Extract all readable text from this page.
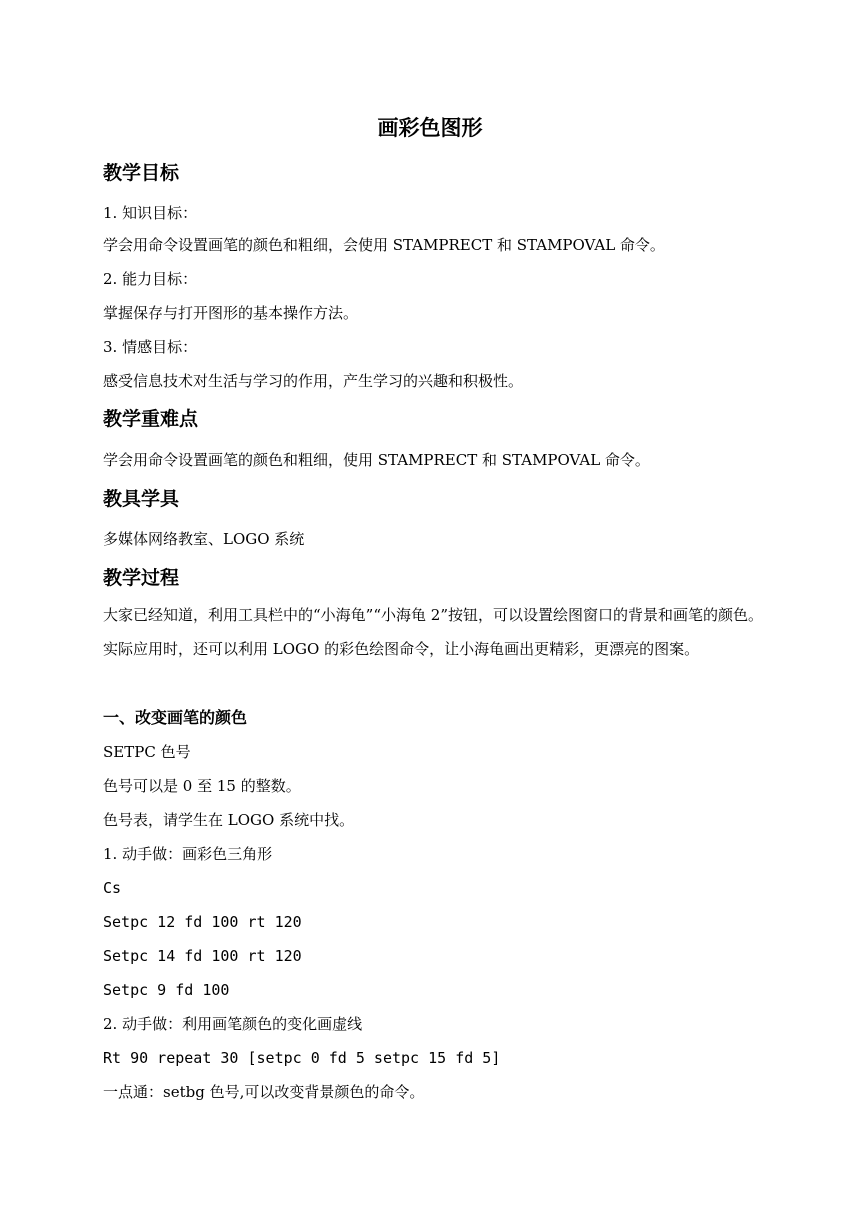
画彩色图形
教学目标
1. 知识目标：
学会用命令设置画笔的颜色和粗细，会使用 STAMPRECT 和 STAMPOVAL 命令。
2. 能力目标：
掌握保存与打开图形的基本操作方法。
3. 情感目标：
感受信息技术对生活与学习的作用，产生学习的兴趣和积极性。
教学重难点
学会用命令设置画笔的颜色和粗细，使用 STAMPRECT 和 STAMPOVAL 命令。
教具学具
多媒体网络教室、LOGO 系统
教学过程
大家已经知道，利用工具栏中的“小海龟”“小海龟 2”按钮，可以设置绘图窗口的背景和画笔的颜色。实际应用时，还可以利用 LOGO 的彩色绘图命令，让小海龟画出更精彩，更漂亮的图案。
一、改变画笔的颜色
SETPC 色号
色号可以是 0 至 15 的整数。
色号表，请学生在 LOGO 系统中找。
1. 动手做：画彩色三角形
Cs
Setpc 12 fd 100 rt 120
Setpc 14 fd 100 rt 120
Setpc 9 fd 100
2. 动手做：利用画笔颜色的变化画虚线
Rt 90 repeat 30 [setpc 0 fd 5 setpc 15 fd 5]
一点通：setbg 色号,可以改变背景颜色的命令。
